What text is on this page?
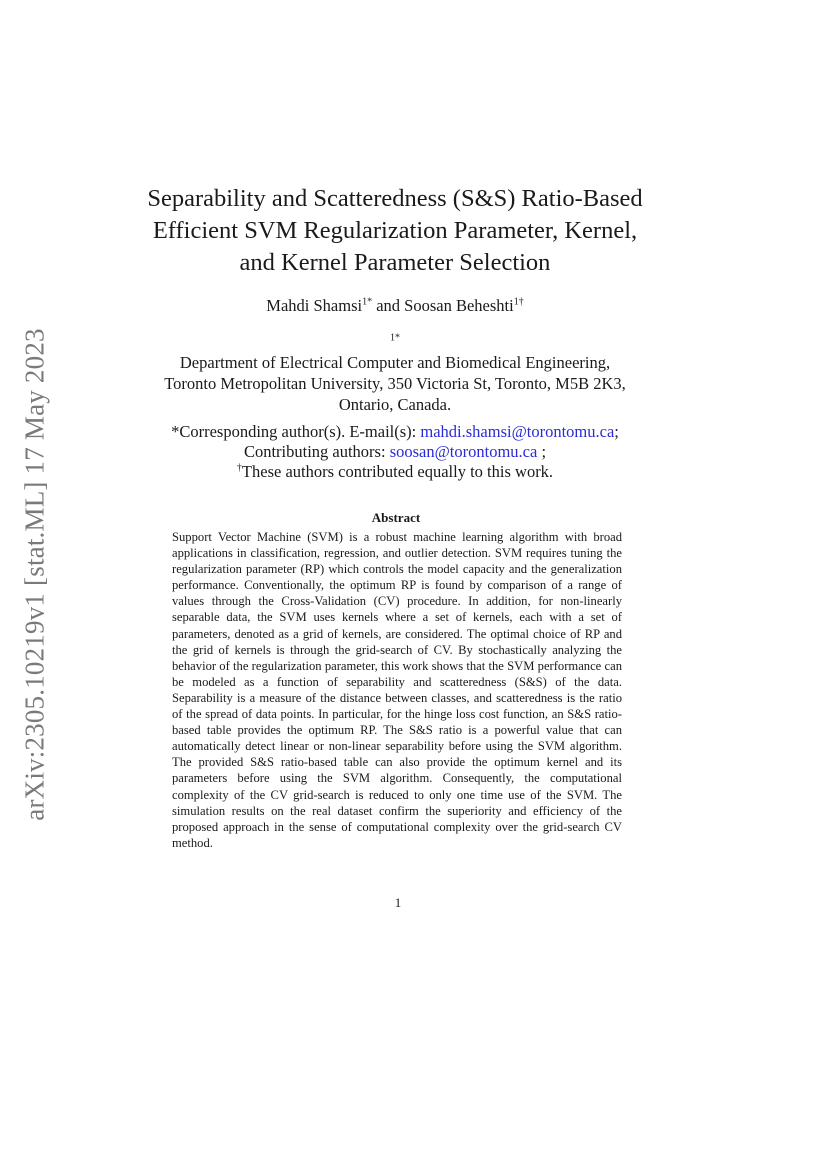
arXiv:2305.10219v1 [stat.ML] 17 May 2023
Separability and Scatteredness (S&S) Ratio-Based
Efficient SVM Regularization Parameter, Kernel,
and Kernel Parameter Selection
Mahdi Shamsi$^{1*}$ and Soosan Beheshti$^{1\dagger}$
$^{1*}$
Department of Electrical Computer and Biomedical Engineering,
Toronto Metropolitan University, 350 Victoria St, Toronto, M5B 2K3,
Ontario, Canada.
*Corresponding author(s). E-mail(s): mahdi.shamsi@torontomu.ca;
Contributing authors: soosan@torontomu.ca ;
†These authors contributed equally to this work.
Abstract

Support Vector Machine (SVM) is a robust machine learning algorithm with broad applications in classification, regression, and outlier detection. SVM requires tuning the regularization parameter (RP) which controls the model capacity and the generalization performance. Conventionally, the optimum RP is found by comparison of a range of values through the Cross-Validation (CV) procedure. In addition, for non-linearly separable data, the SVM uses kernels where a set of kernels, each with a set of parameters, denoted as a grid of kernels, are considered. The optimal choice of RP and the grid of kernels is through the grid-search of CV. By stochastically analyzing the behavior of the regularization parameter, this work shows that the SVM performance can be modeled as a function of separability and scatteredness (S&S) of the data. Separability is a measure of the distance between classes, and scatteredness is the ratio of the spread of data points. In particular, for the hinge loss cost function, an S&S ratio-based table provides the optimum RP. The S&S ratio is a powerful value that can automatically detect linear or non-linear separability before using the SVM algorithm. The provided S&S ratio-based table can also provide the optimum kernel and its parameters before using the SVM algorithm. Consequently, the computational complexity of the CV grid-search is reduced to only one time use of the SVM. The simulation results on the real dataset confirm the superiority and efficiency of the proposed approach in the sense of computational complexity over the grid-search CV method.

1
